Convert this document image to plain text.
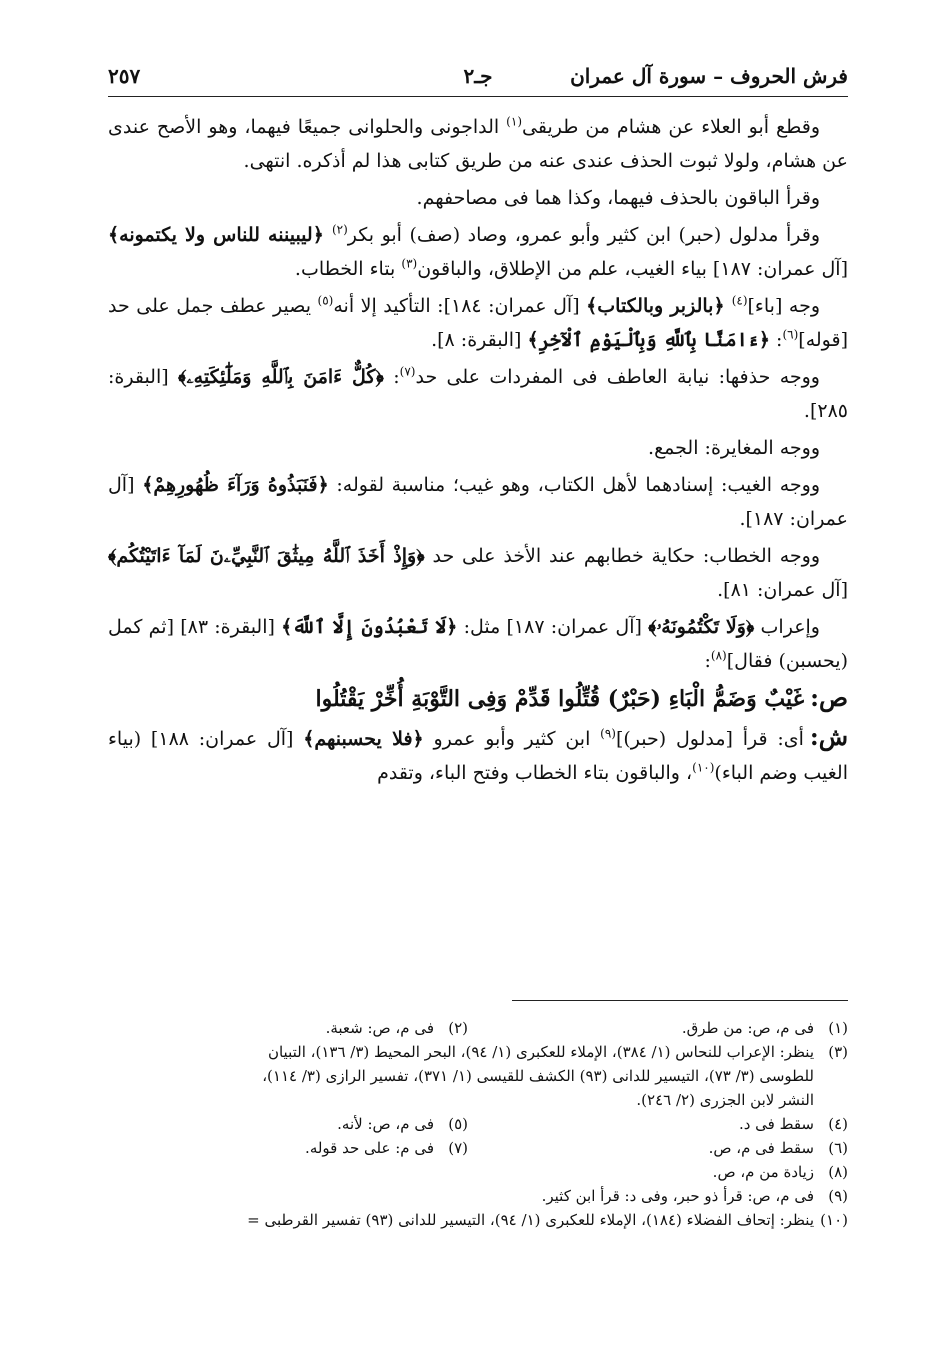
فرش الحروف – سورة آل عمران
جـ٢
٢٥٧

وقطع أبو العلاء عن هشام من طريقى$^{(١)}$ الداجونى والحلوانى جميعًا فيهما، وهو الأصح عندى عن هشام، ولولا ثبوت الحذف عندى عنه من طريق كتابى هذا لم أذكره. انتهى.

وقرأ الباقون بالحذف فيهما، وكذا هما فى مصاحفهم.

وقرأ مدلول (حبر) ابن كثير وأبو عمرو، وصاد (صف) أبو بكر$^{(٢)}$ ﴿ليبيننه للناس ولا يكتمونه﴾ [آل عمران: ١٨٧] بياء الغيب، علم من الإطلاق، والباقون$^{(٣)}$ بتاء الخطاب.

وجه [باء]$^{(٤)}$ ﴿بالزبر وبالكتاب﴾ [آل عمران: ١٨٤]: التأكيد إلا أنه$^{(٥)}$ يصير عطف جمل على حد [قوله]$^{(٦)}$: ﴿ءَامَنَّا بِٱللَّهِ وَبِٱلْيَوْمِ ٱلْآخِرِ﴾ [البقرة: ٨].

ووجه حذفها: نيابة العاطف فى المفردات على حد$^{(٧)}$: ﴿كُلٌّ ءَامَنَ بِٱللَّهِ وَمَلَٰٓئِكَتِهِۦ﴾ [البقرة: ٢٨٥].

ووجه المغايرة: الجمع.

ووجه الغيب: إسنادهما لأهل الكتاب، وهو غيب؛ مناسبة لقوله: ﴿فَنَبَذُوهُ وَرَآءَ ظُهُورِهِمْ﴾ [آل عمران: ١٨٧].

ووجه الخطاب: حكاية خطابهم عند الأخذ على حد ﴿وَإِذْ أَخَذَ ٱللَّهُ مِيثَٰقَ ٱلنَّبِيِّۦنَ لَمَآ ءَاتَيْتُكُم﴾ [آل عمران: ٨١].

وإعراب ﴿وَلَا تَكْتُمُونَهُۥ﴾ [آل عمران: ١٨٧] مثل: ﴿لَا تَعْبُدُونَ إِلَّا ٱللَّهَ﴾ [البقرة: ٨٣] [ثم كمل (يحسبن) فقال]$^{(٨)}$:

ص:غَيْبٌ وَضَمُّ الْبَاءِ (حَبْرٌ) قُتِّلُوا قَدِّمْ وَفِى التَّوْبَةِ أُخِّرْ يَقْتُلُوا

ش:أى: قرأ [مدلول (حبر)]$^{(٩)}$ ابن كثير وأبو عمرو ﴿فلا يحسبنهم﴾ [آل عمران: ١٨٨] (بياء الغيب وضم الباء)$^{(١٠)}$، والباقون بتاء الخطاب وفتح الباء، وتقدم

(١)فى م، ص: من طرق.
(٢)فى م، ص: شعبة.
(٣)ينظر: الإعراب للنحاس (١/ ٣٨٤)، الإملاء للعكبرى (١/ ٩٤)، البحر المحيط (٣/ ١٣٦)، التبيان
للطوسى (٣/ ٧٣)، التيسير للدانى (٩٣) الكشف للقيسى (١/ ٣٧١)، تفسير الرازى (٣/ ١١٤)،
النشر لابن الجزرى (٢/ ٢٤٦).
(٤)سقط فى د.
(٥)فى م، ص: لأنه.
(٦)سقط فى م، ص.
(٧)فى م: على حد قوله.
(٨)زيادة من م، ص.
(٩)فى م، ص: قرأ ذو حبر، وفى د: قرأ ابن كثير.
(١٠)ينظر: إتحاف الفضلاء (١٨٤)، الإملاء للعكبرى (١/ ٩٤)، التيسير للدانى (٩٣) تفسير القرطبى =
